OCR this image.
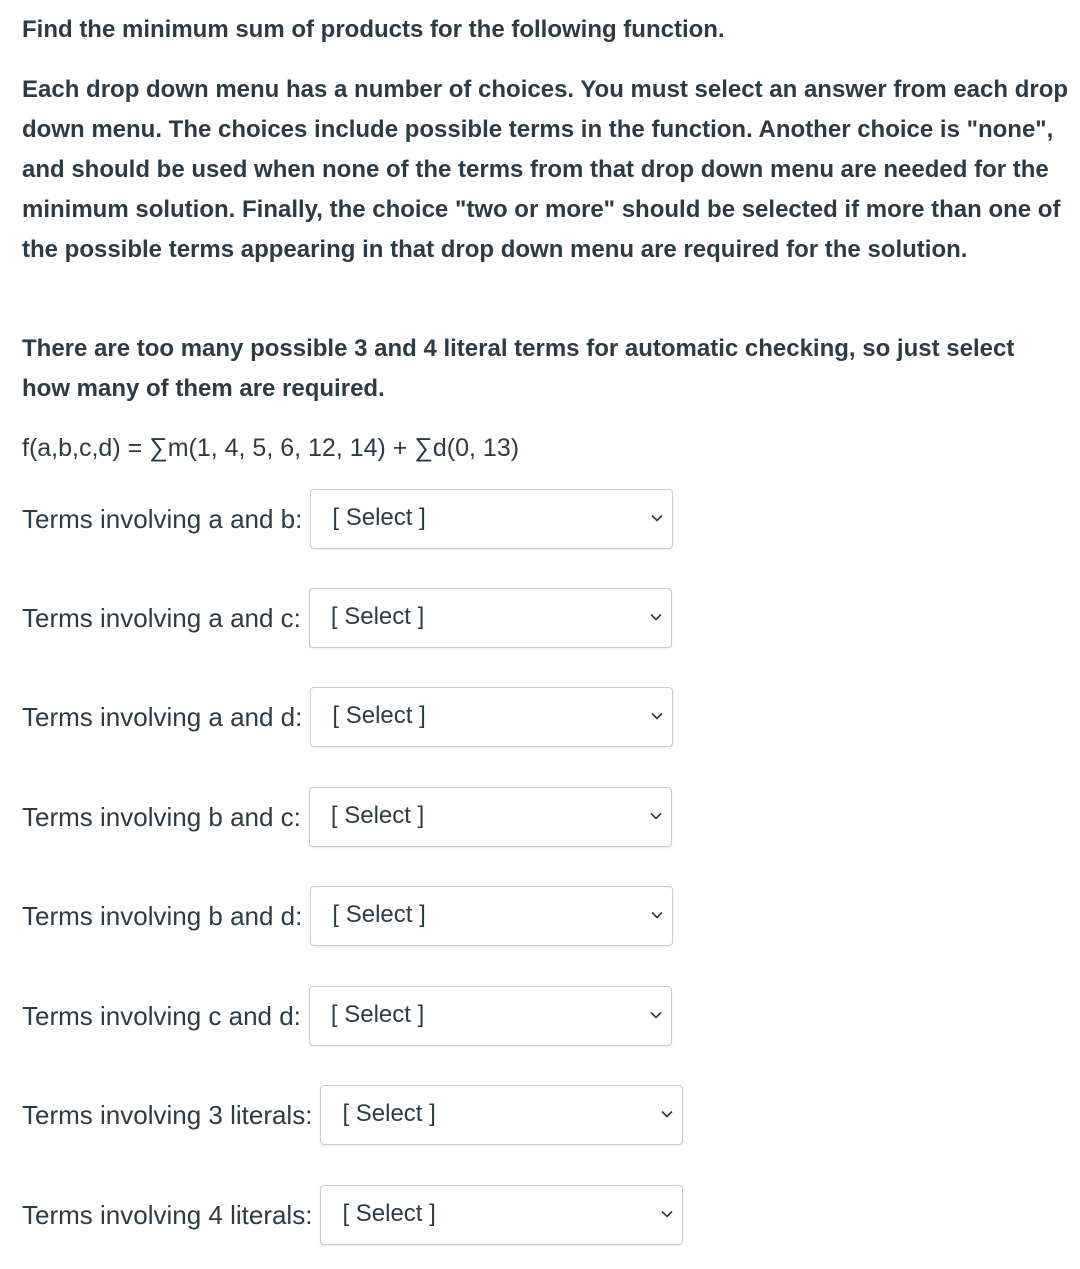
Find the minimum sum of products for the following function.

Each drop down menu has a number of choices. You must select an answer from each drop down menu. The choices include possible terms in the function. Another choice is "none", and should be used when none of the terms from that drop down menu are needed for the minimum solution. Finally, the choice "two or more" should be selected if more than one of the possible terms appearing in that drop down menu are required for the solution.

There are too many possible 3 and 4 literal terms for automatic checking, so just select how many of them are required.

f(a,b,c,d) = ∑m(1, 4, 5, 6, 12, 14) + ∑d(0, 13)
Terms involving a and b:	[ Select ]
Terms involving a and c:	[ Select ]
Terms involving a and d:	[ Select ]
Terms involving b and c:	[ Select ]
Terms involving b and d:	[ Select ]
Terms involving c and d:	[ Select ]
Terms involving 3 literals:	[ Select ]
Terms involving 4 literals:	[ Select ]
